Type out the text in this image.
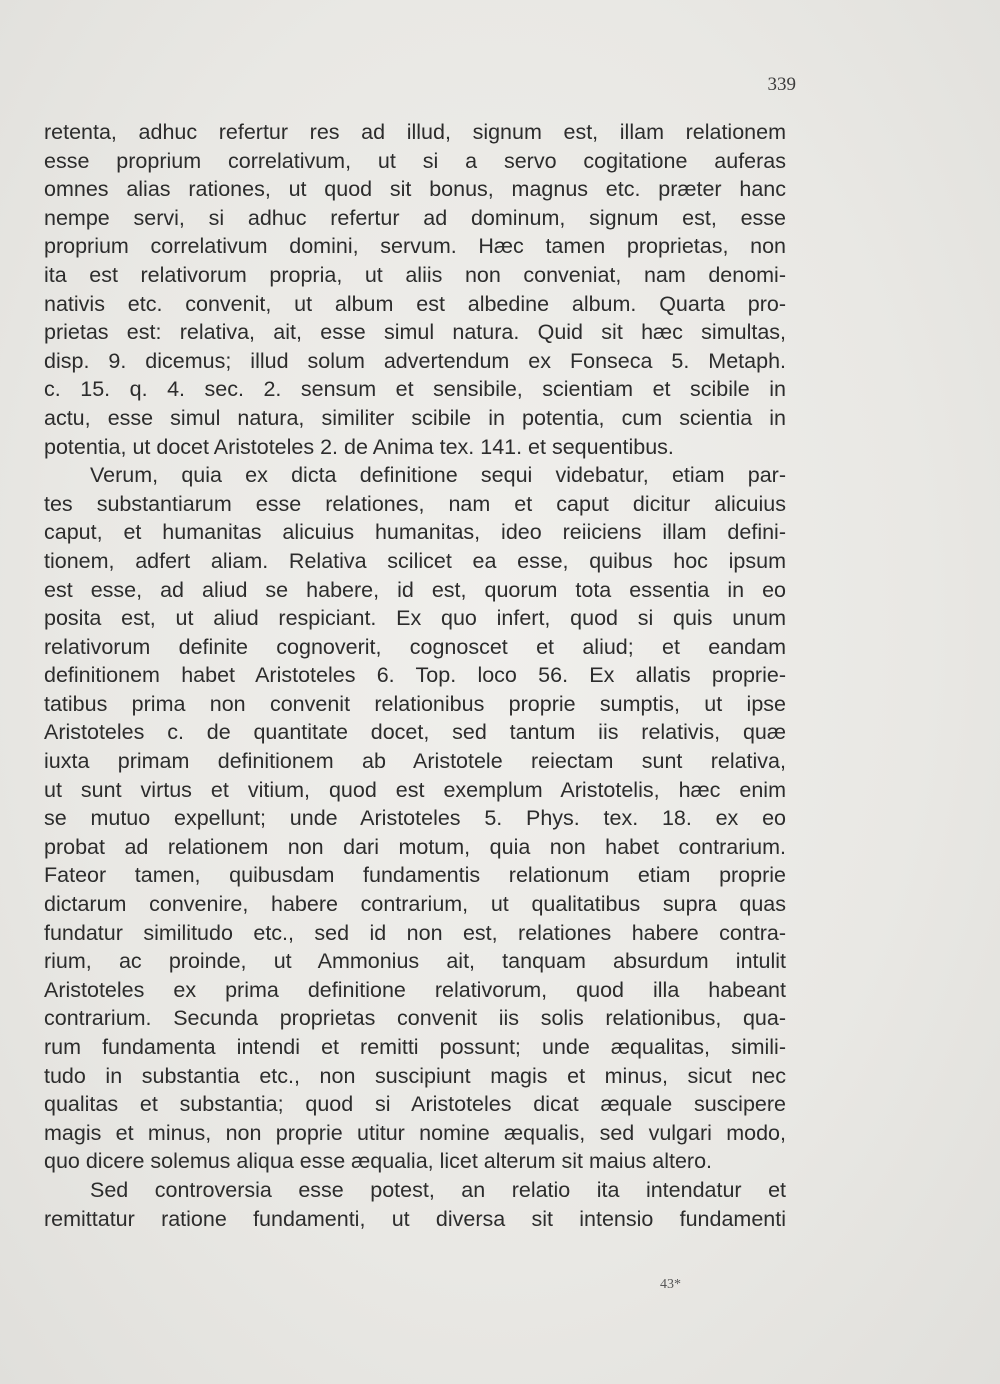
339
retenta, adhuc refertur res ad illud, signum est, illam relationem
esse proprium correlativum, ut si a servo cogitatione auferas
omnes alias rationes, ut quod sit bonus, magnus etc. præter hanc
nempe servi, si adhuc refertur ad dominum, signum est, esse
proprium correlativum domini, servum. Hæc tamen proprietas, non
ita est relativorum propria, ut aliis non conveniat, nam denomi-
nativis etc. convenit, ut album est albedine album. Quarta pro-
prietas est: relativa, ait, esse simul natura. Quid sit hæc simultas,
disp. 9. dicemus; illud solum advertendum ex Fonseca 5. Metaph.
c. 15. q. 4. sec. 2. sensum et sensibile, scientiam et scibile in
actu, esse simul natura, similiter scibile in potentia, cum scientia in
potentia, ut docet Aristoteles 2. de Anima tex. 141. et sequentibus.
Verum, quia ex dicta definitione sequi videbatur, etiam par-
tes substantiarum esse relationes, nam et caput dicitur alicuius
caput, et humanitas alicuius humanitas, ideo reiiciens illam defini-
tionem, adfert aliam. Relativa scilicet ea esse, quibus hoc ipsum
est esse, ad aliud se habere, id est, quorum tota essentia in eo
posita est, ut aliud respiciant. Ex quo infert, quod si quis unum
relativorum definite cognoverit, cognoscet et aliud; et eandam
definitionem habet Aristoteles 6. Top. loco 56. Ex allatis proprie-
tatibus prima non convenit relationibus proprie sumptis, ut ipse
Aristoteles c. de quantitate docet, sed tantum iis relativis, quæ
iuxta primam definitionem ab Aristotele reiectam sunt relativa,
ut sunt virtus et vitium, quod est exemplum Aristotelis, hæc enim
se mutuo expellunt; unde Aristoteles 5. Phys. tex. 18. ex eo
probat ad relationem non dari motum, quia non habet contrarium.
Fateor tamen, quibusdam fundamentis relationum etiam proprie
dictarum convenire, habere contrarium, ut qualitatibus supra quas
fundatur similitudo etc., sed id non est, relationes habere contra-
rium, ac proinde, ut Ammonius ait, tanquam absurdum intulit
Aristoteles ex prima definitione relativorum, quod illa habeant
contrarium. Secunda proprietas convenit iis solis relationibus, qua-
rum fundamenta intendi et remitti possunt; unde æqualitas, simili-
tudo in substantia etc., non suscipiunt magis et minus, sicut nec
qualitas et substantia; quod si Aristoteles dicat æquale suscipere
magis et minus, non proprie utitur nomine æqualis, sed vulgari modo,
quo dicere solemus aliqua esse æqualia, licet alterum sit maius altero.
Sed controversia esse potest, an relatio ita intendatur et
remittatur ratione fundamenti, ut diversa sit intensio fundamenti
43*
